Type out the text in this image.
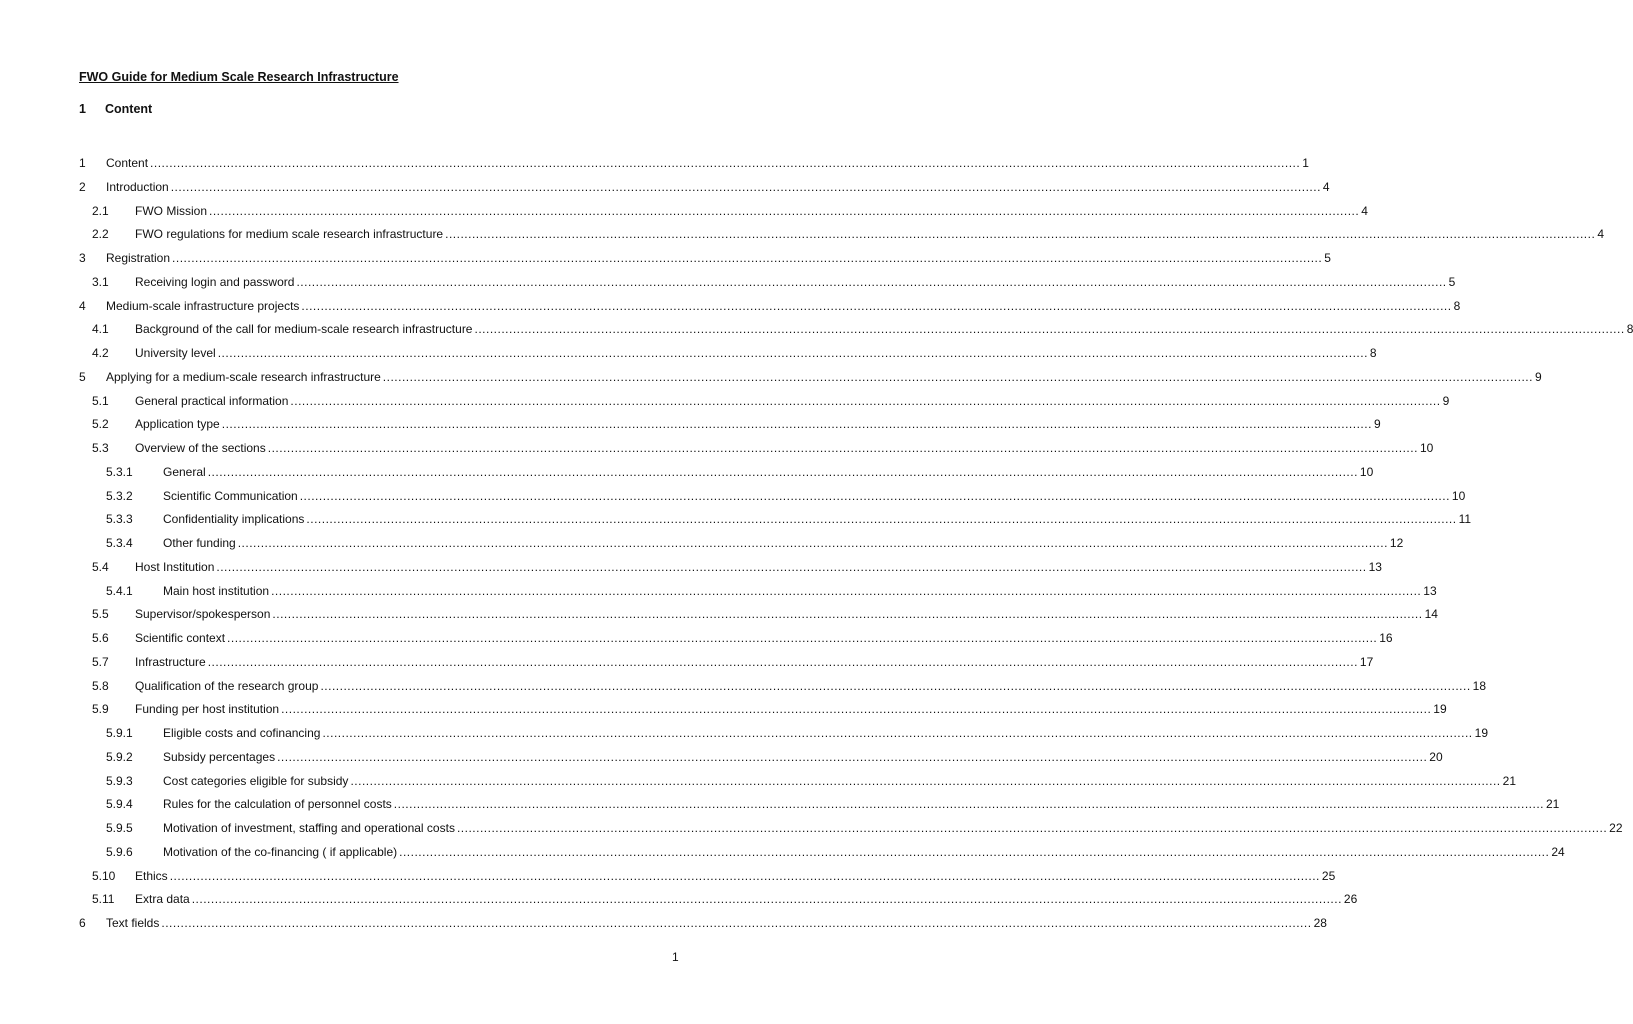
FWO Guide for Medium Scale Research Infrastructure
1 Content
1 Content ............................................................................................................................................................................................................................................................................................................ 1
2 Introduction ............................................................................................................................................................................................................................................................................................................ 4
2.1 FWO Mission ............................................................................................................................................................................................................................................................................................................ 4
2.2 FWO regulations for medium scale research infrastructure ............................................................................................................................................................................................................................................................................................................ 4
3 Registration ............................................................................................................................................................................................................................................................................................................ 5
3.1 Receiving login and password ............................................................................................................................................................................................................................................................................................................ 5
4 Medium-scale infrastructure projects ............................................................................................................................................................................................................................................................................................................ 8
4.1 Background of the call for medium-scale research infrastructure ............................................................................................................................................................................................................................................................................................................ 8
4.2 University level ............................................................................................................................................................................................................................................................................................................ 8
5 Applying for a medium-scale research infrastructure ............................................................................................................................................................................................................................................................................................................ 9
5.1 General practical information ............................................................................................................................................................................................................................................................................................................ 9
5.2 Application type ............................................................................................................................................................................................................................................................................................................ 9
5.3 Overview of the sections ............................................................................................................................................................................................................................................................................................................ 10
5.3.1	General ............................................................................................................................................................................................................................................................................................................ 10
5.3.2	Scientific Communication ............................................................................................................................................................................................................................................................................................................ 10
5.3.3	Confidentiality implications ............................................................................................................................................................................................................................................................................................................ 11
5.3.4	Other funding ............................................................................................................................................................................................................................................................................................................ 12
5.4 Host Institution ............................................................................................................................................................................................................................................................................................................ 13
5.4.1	Main host institution ............................................................................................................................................................................................................................................................................................................ 13
5.5 Supervisor/spokesperson ............................................................................................................................................................................................................................................................................................................ 14
5.6 Scientific context ............................................................................................................................................................................................................................................................................................................ 16
5.7 Infrastructure ............................................................................................................................................................................................................................................................................................................ 17
5.8 Qualification of the research group ............................................................................................................................................................................................................................................................................................................ 18
5.9 Funding per host institution ............................................................................................................................................................................................................................................................................................................ 19
5.9.1	Eligible costs and cofinancing ............................................................................................................................................................................................................................................................................................................ 19
5.9.2	Subsidy percentages ............................................................................................................................................................................................................................................................................................................ 20
5.9.3	Cost categories eligible for subsidy ............................................................................................................................................................................................................................................................................................................ 21
5.9.4	Rules for the calculation of personnel costs ............................................................................................................................................................................................................................................................................................................ 21
5.9.5	Motivation of investment, staffing and operational costs ............................................................................................................................................................................................................................................................................................................ 22
5.9.6	Motivation of the co-financing ( if applicable) ............................................................................................................................................................................................................................................................................................................ 24
5.10 Ethics ............................................................................................................................................................................................................................................................................................................ 25
5.11 Extra data ............................................................................................................................................................................................................................................................................................................ 26
6 Text fields ............................................................................................................................................................................................................................................................................................................ 28
1
